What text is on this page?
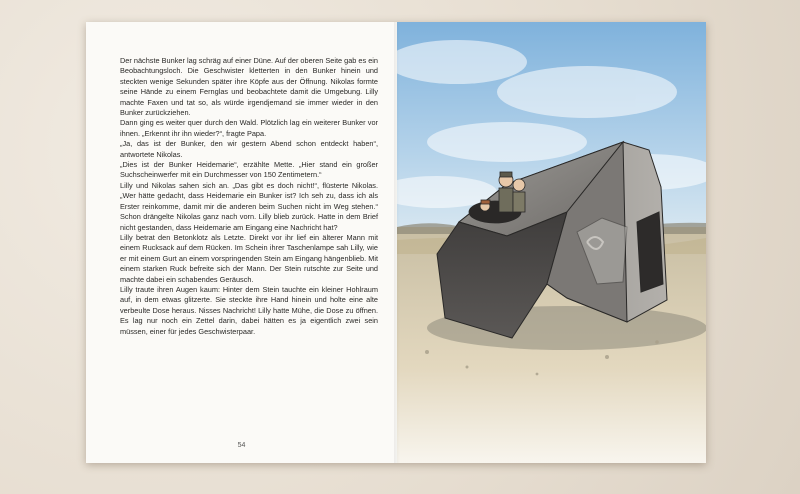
Der nächste Bunker lag schräg auf einer Düne. Auf der oberen Seite gab es ein Beobachtungsloch. Die Geschwister kletterten in den Bunker hinein und steckten wenige Sekunden später ihre Köpfe aus der Öffnung. Nikolas formte seine Hände zu einem Fernglas und beobachtete damit die Umgebung. Lilly machte Faxen und tat so, als würde irgendjemand sie immer wieder in den Bunker zurückziehen.

Dann ging es weiter quer durch den Wald. Plötzlich lag ein weiterer Bunker vor ihnen. „Erkennt ihr ihn wieder?“, fragte Papa.

„Ja, das ist der Bunker, den wir gestern Abend schon entdeckt haben“, antwortete Nikolas.

„Dies ist der Bunker Heidemarie“, erzählte Mette. „Hier stand ein großer Suchscheinwerfer mit ein Durchmesser von 150 Zentimetern.“

Lilly und Nikolas sahen sich an. „Das gibt es doch nicht!“, flüsterte Nikolas. „Wer hätte gedacht, dass Heidemarie ein Bunker ist? Ich seh zu, dass ich als Erster reinkomme, damit mir die anderen beim Suchen nicht im Weg stehen.“ Schon drängelte Nikolas ganz nach vorn. Lilly blieb zurück. Hatte in dem Brief nicht gestanden, dass Heidemarie am Eingang eine Nachricht hat?

Lilly betrat den Betonklotz als Letzte. Direkt vor ihr lief ein älterer Mann mit einem Rucksack auf dem Rücken. Im Schein ihrer Taschenlampe sah Lilly, wie er mit einem Gurt an einem vorspringenden Stein am Eingang hängenblieb. Mit einem starken Ruck befreite sich der Mann. Der Stein rutschte zur Seite und machte dabei ein schabendes Geräusch.

Lilly traute ihren Augen kaum: Hinter dem Stein tauchte ein kleiner Hohlraum auf, in dem etwas glitzerte. Sie steckte ihre Hand hinein und holte eine alte verbeulte Dose heraus. Nisses Nachricht! Lilly hatte Mühe, die Dose zu öffnen. Es lag nur noch ein Zettel darin, dabei hätten es ja eigentlich zwei sein müssen, einer für jedes Geschwisterpaar.

54
